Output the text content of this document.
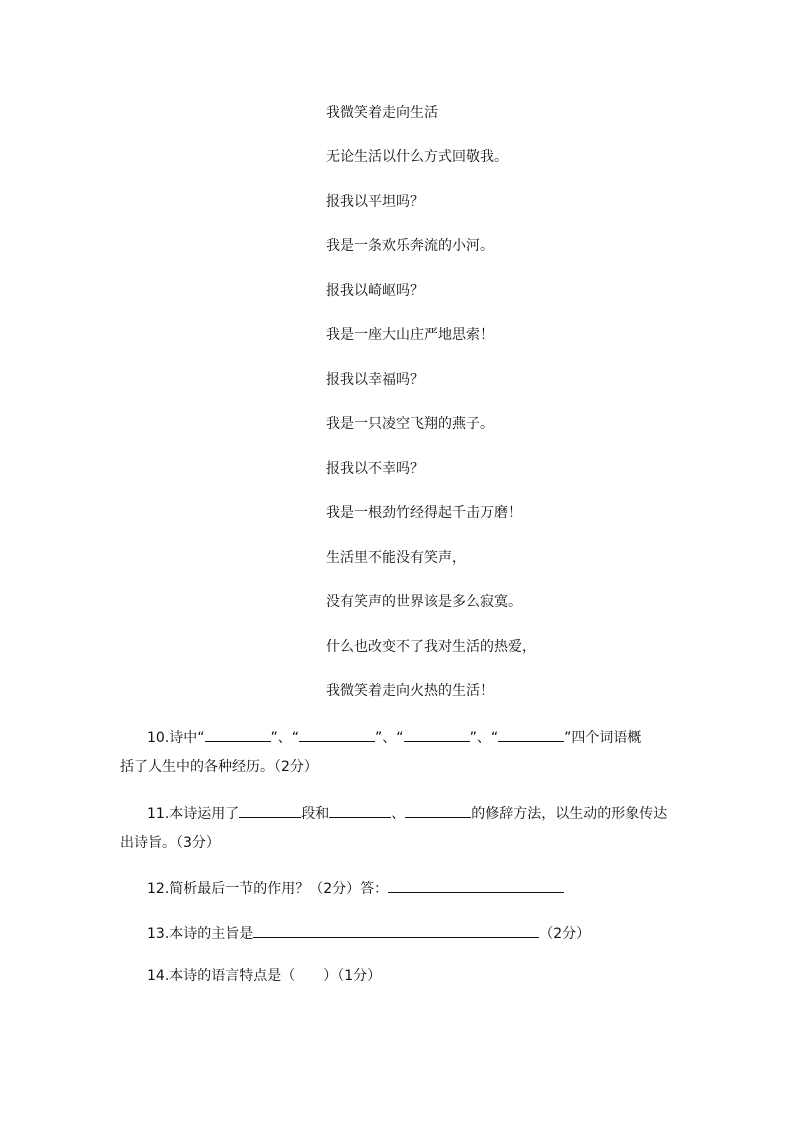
我微笑着走向生活
无论生活以什么方式回敬我。
报我以平坦吗？
我是一条欢乐奔流的小河。
报我以崎岖吗？
我是一座大山庄严地思索！
报我以幸福吗？
我是一只凌空飞翔的燕子。
报我以不幸吗？
我是一根劲竹经得起千击万磨！
生活里不能没有笑声，
没有笑声的世界该是多么寂寞。
什么也改变不了我对生活的热爱，
我微笑着走向火热的生活！
10.诗中“	”、“	”、“	”、“	”四个词语概
括了人生中的各种经历。（2分）
11.本诗运用了	段和	、	的修辞方法，以生动的形象传达
出诗旨。（3分）
12.简析最后一节的作用？（2分）答：
13.本诗的主旨是	（2分）
14.本诗的语言特点是（ ）（1分）
